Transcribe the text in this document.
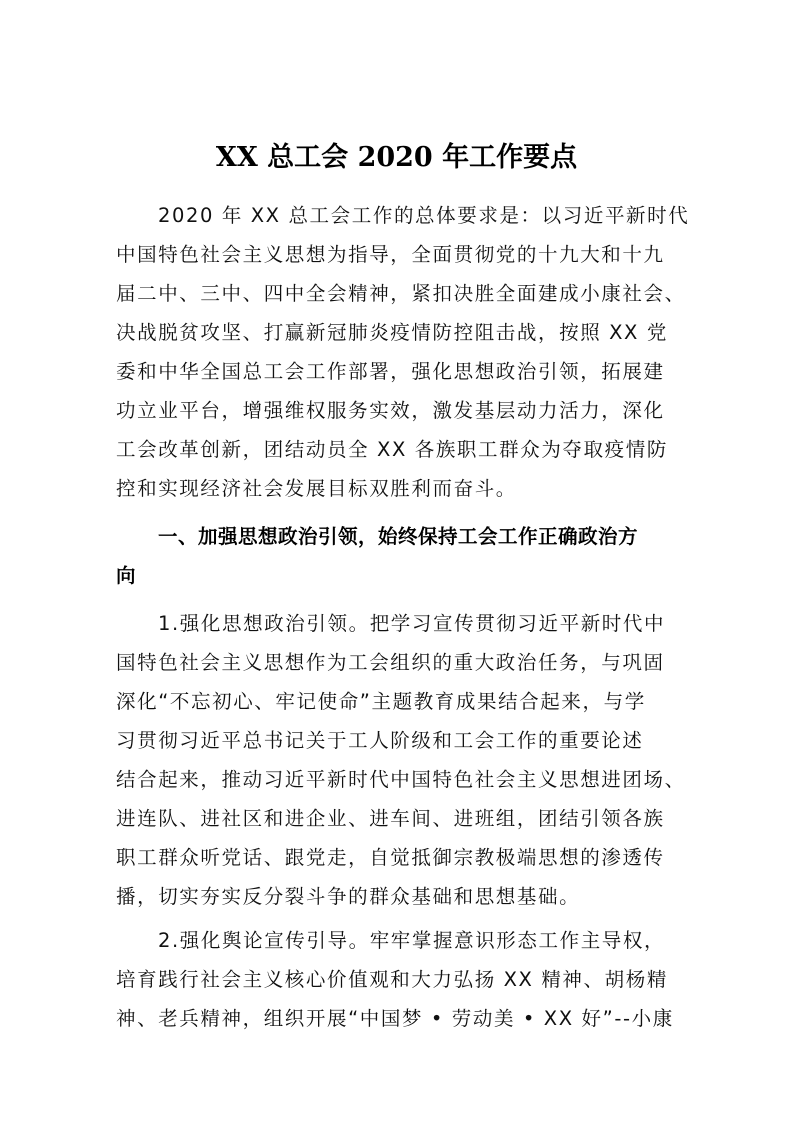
XX 总工会 2020 年工作要点
2020 年 XX 总工会工作的总体要求是：以习近平新时代
中国特色社会主义思想为指导，全面贯彻党的十九大和十九
届二中、三中、四中全会精神，紧扣决胜全面建成小康社会、
决战脱贫攻坚、打赢新冠肺炎疫情防控阻击战，按照 XX 党
委和中华全国总工会工作部署，强化思想政治引领，拓展建
功立业平台，增强维权服务实效，激发基层动力活力，深化
工会改革创新，团结动员全 XX 各族职工群众为夺取疫情防
控和实现经济社会发展目标双胜利而奋斗。
一、加强思想政治引领，始终保持工会工作正确政治方
向
1.强化思想政治引领。把学习宣传贯彻习近平新时代中
国特色社会主义思想作为工会组织的重大政治任务，与巩固
深化“不忘初心、牢记使命”主题教育成果结合起来，与学
习贯彻习近平总书记关于工人阶级和工会工作的重要论述
结合起来，推动习近平新时代中国特色社会主义思想进团场、
进连队、进社区和进企业、进车间、进班组，团结引领各族
职工群众听党话、跟党走，自觉抵御宗教极端思想的渗透传
播，切实夯实反分裂斗争的群众基础和思想基础。
2.强化舆论宣传引导。牢牢掌握意识形态工作主导权，
培育践行社会主义核心价值观和大力弘扬 XX 精神、胡杨精
神、老兵精神，组织开展“中国梦 • 劳动美 • XX 好”--小康
